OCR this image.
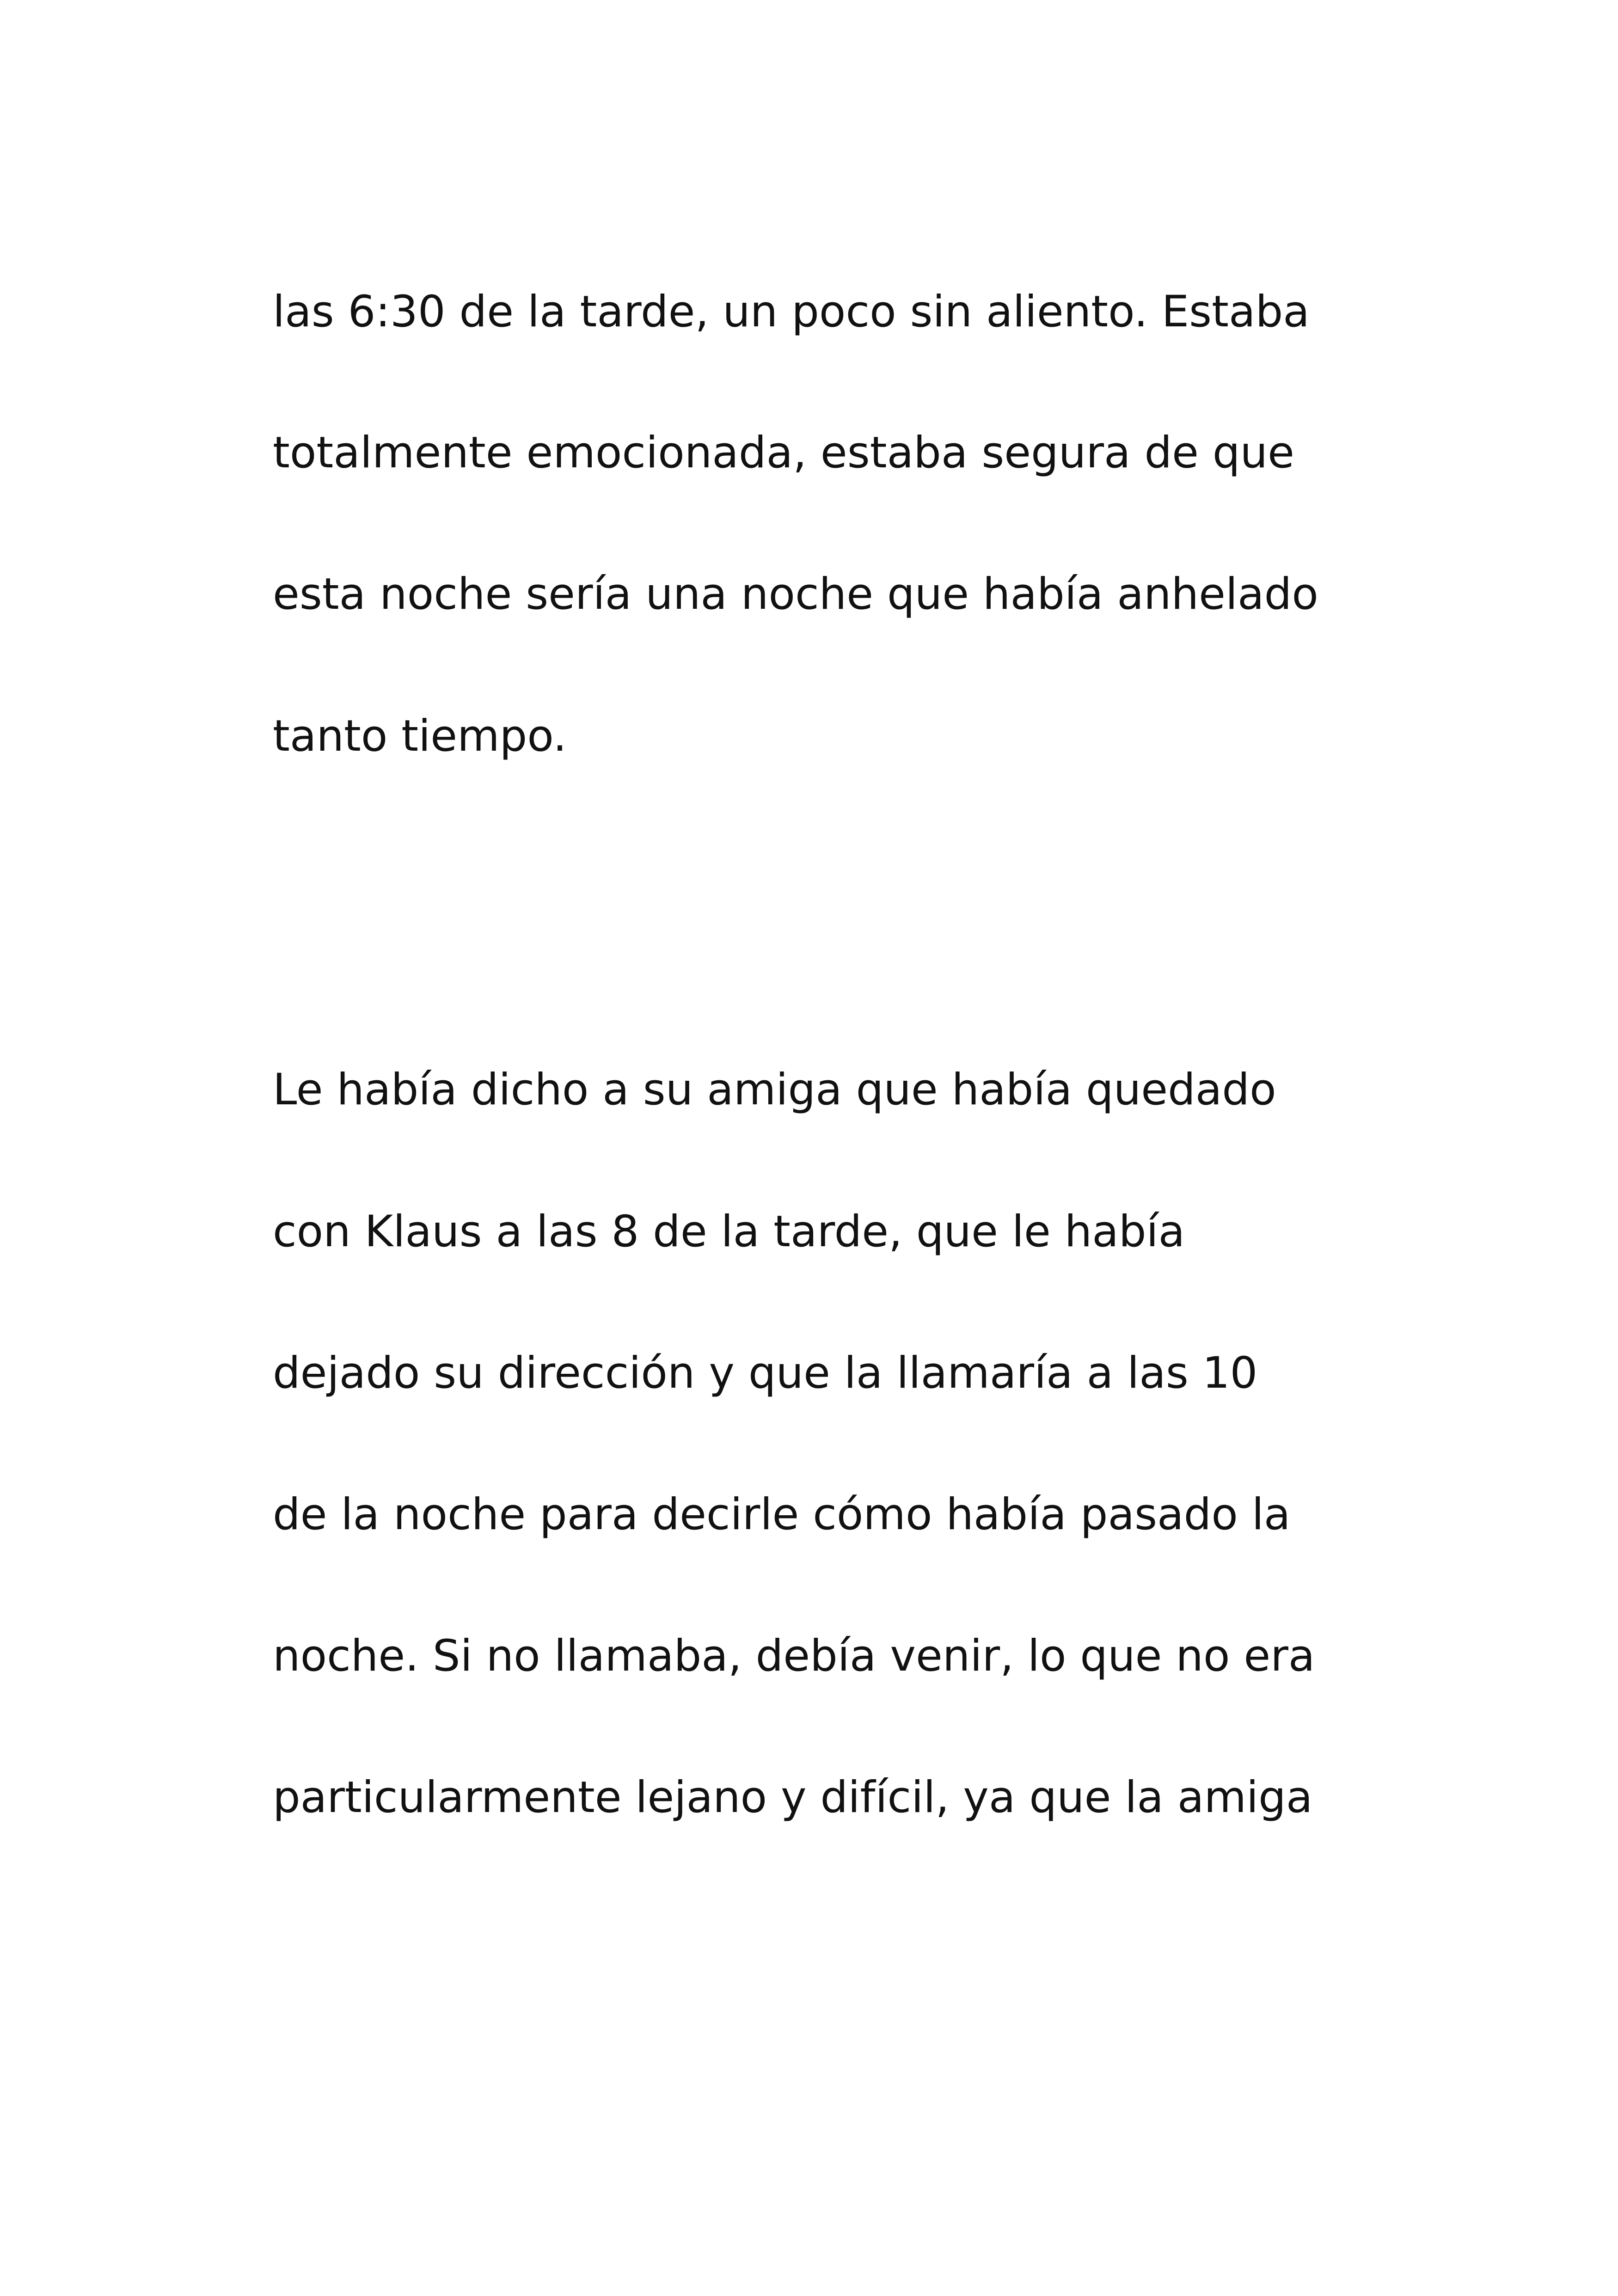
las 6:30 de la tarde, un poco sin aliento. Estaba

totalmente emocionada, estaba segura de que

esta noche sería una noche que había anhelado

tanto tiempo.

Le había dicho a su amiga que había quedado

con Klaus a las 8 de la tarde, que le había

dejado su dirección y que la llamaría a las 10

de la noche para decirle cómo había pasado la

noche. Si no llamaba, debía venir, lo que no era

particularmente lejano y difícil, ya que la amiga
